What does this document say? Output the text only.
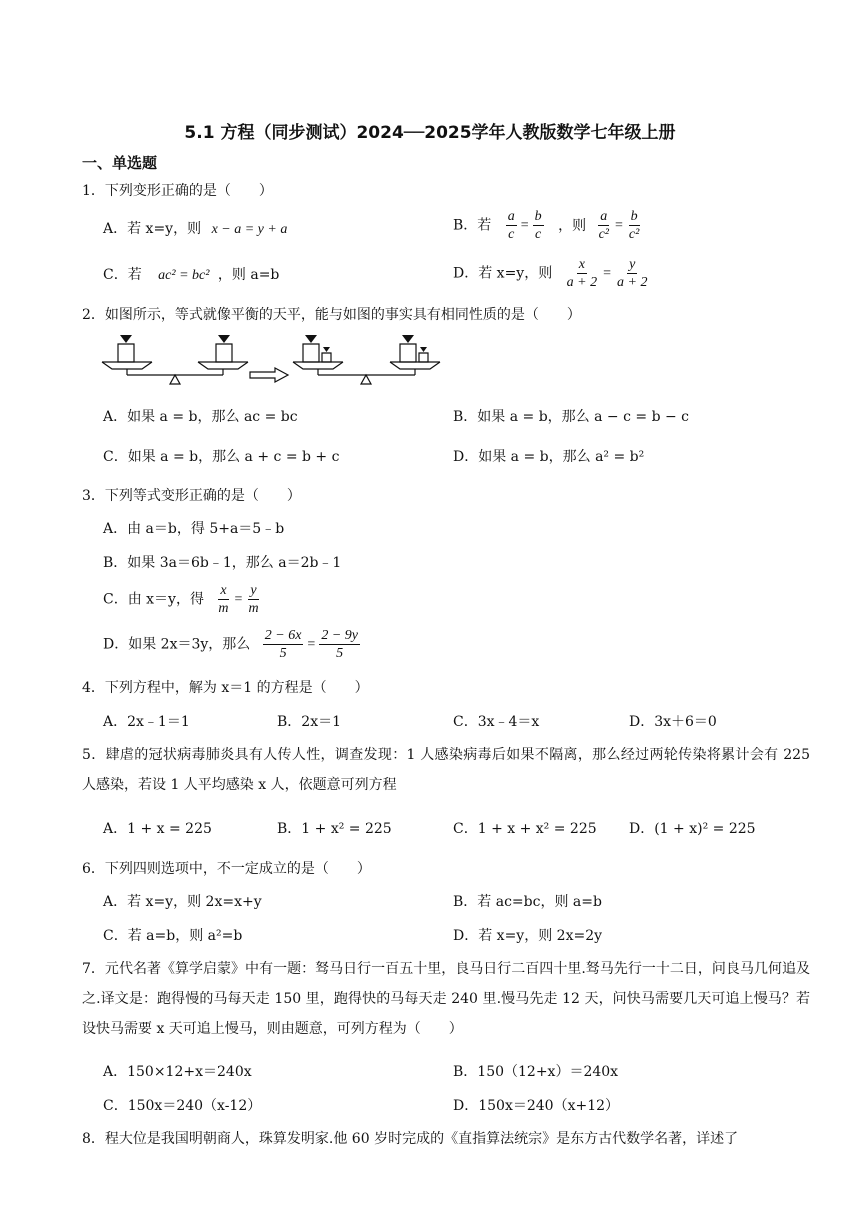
5.1 方程（同步测试）2024──2025学年人教版数学七年级上册
一、单选题
1．下列变形正确的是（　　）
A．若 x=y，则 x − a = y + a	B．若 $\frac{a}{c} = \frac{b}{c}$ ，则 $\frac{a}{\text{c²}} = \frac{b}{\text{c²}}$
C．若 ac² = bc² ，则 a=b	D．若 x=y，则 $\frac{x}{a + 2} = \frac{y}{a + 2}$
2．如图所示，等式就像平衡的天平，能与如图的事实具有相同性质的是（　　）
A．如果 a = b，那么 ac = bc	B．如果 a = b，那么 a − c = b − c
C．如果 a = b，那么 a + c = b + c	D．如果 a = b，那么 a² = b²
3．下列等式变形正确的是（　　）
A．由 a＝b，得 5+a＝5﹣b
B．如果 3a＝6b﹣1，那么 a＝2b﹣1
C．由 x＝y，得 $\frac{x}{m} = \frac{y}{m}$
D．如果 2x＝3y，那么 $\frac{2 - 6x}{5} = \frac{2 - 9y}{5}$
4．下列方程中，解为 x＝1 的方程是（　　）
A．2x﹣1＝1	B．2x＝1	C．3x﹣4＝x	D．3x＋6＝0
5．肆虐的冠状病毒肺炎具有人传人性，调查发现：1 人感染病毒后如果不隔离，那么经过两轮传染将累计会有 225 人感染，若设 1 人平均感染 x 人，依题意可列方程
A．1 + x = 225	B．1 + x² = 225	C．1 + x + x² = 225 D．(1 + x)² = 225
6．下列四则选项中，不一定成立的是（　　）
A．若 x=y，则 2x=x+y	B．若 ac=bc，则 a=b
C．若 a=b，则 a²=b	D．若 x=y，则 2x=2y
7．元代名著《算学启蒙》中有一题：驽马日行一百五十里，良马日行二百四十里.驽马先行一十二日，问良马几何追及之.译文是：跑得慢的马每天走 150 里，跑得快的马每天走 240 里.慢马先走 12 天，问快马需要几天可追上慢马？若设快马需要 x 天可追上慢马，则由题意，可列方程为（　　）
A．150×12+x＝240x	B．150（12+x）＝240x
C．150x＝240（x-12）	D．150x＝240（x+12）
8．程大位是我国明朝商人，珠算发明家.他 60 岁时完成的《直指算法统宗》是东方古代数学名著，详述了
